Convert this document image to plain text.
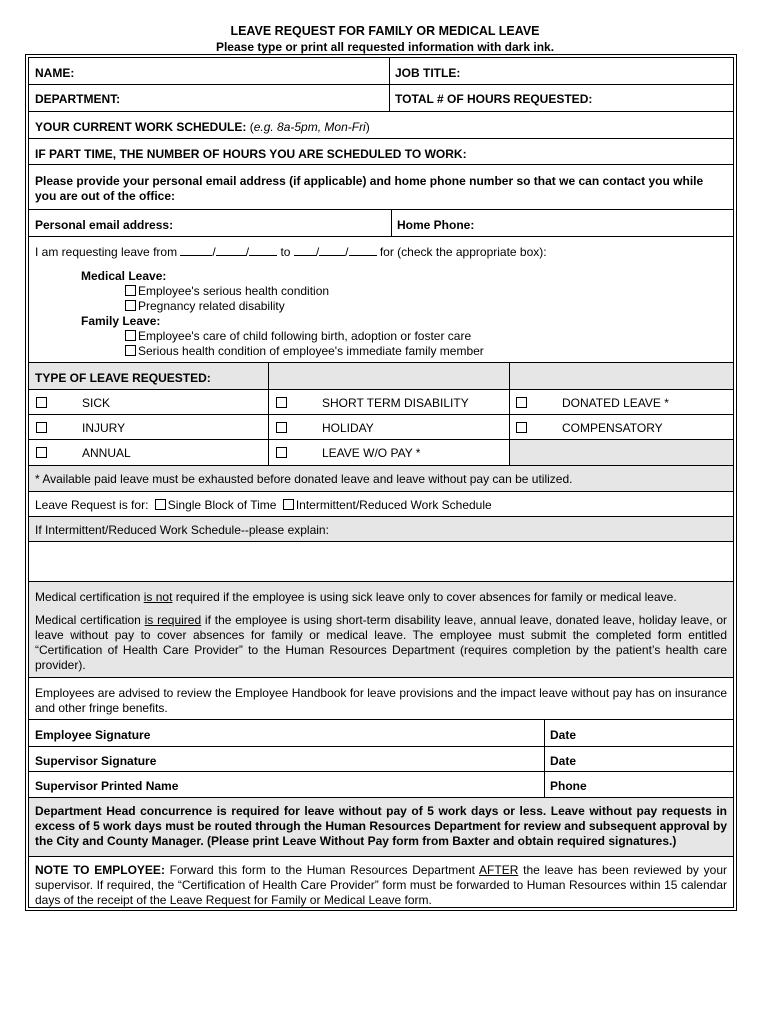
LEAVE REQUEST FOR FAMILY OR MEDICAL LEAVE
Please type or print all requested information with dark ink.
NAME:	JOB TITLE:
DEPARTMENT:	TOTAL # OF HOURS REQUESTED:
YOUR CURRENT WORK SCHEDULE: (e.g. 8a-5pm, Mon-Fri)
IF PART TIME, THE NUMBER OF HOURS YOU ARE SCHEDULED TO WORK:
Please provide your personal email address (if applicable) and home phone number so that we can contact you while you are out of the office:
Personal email address:	Home Phone:
I am requesting leave from	/	/	to / /	for (check the appropriate box):
Medical Leave:
Employee's serious health condition
Pregnancy related disability
Family Leave:
Employee's care of child following birth, adoption or foster care
Serious health condition of employee's immediate family member
TYPE OF LEAVE REQUESTED:
SICK	SHORT TERM DISABILITY	DONATED LEAVE *
INJURY	HOLIDAY	COMPENSATORY
ANNUAL	LEAVE W/O PAY *
* Available paid leave must be exhausted before donated leave and leave without pay can be utilized.
Leave Request is for: Single Block of Time Intermittent/Reduced Work Schedule
If Intermittent/Reduced Work Schedule--please explain:
Medical certification is not required if the employee is using sick leave only to cover absences for family or medical leave.
Medical certification is required if the employee is using short-term disability leave, annual leave, donated leave, holiday leave, or leave without pay to cover absences for family or medical leave. The employee must submit the completed form entitled “Certification of Health Care Provider” to the Human Resources Department (requires completion by the patient’s health care provider).
Employees are advised to review the Employee Handbook for leave provisions and the impact leave without pay has on insurance and other fringe benefits.
Employee Signature	Date
Supervisor Signature	Date
Supervisor Printed Name	Phone
Department Head concurrence is required for leave without pay of 5 work days or less. Leave without pay requests in excess of 5 work days must be routed through the Human Resources Department for review and subsequent approval by the City and County Manager. (Please print Leave Without Pay form from Baxter and obtain required signatures.)
NOTE TO EMPLOYEE: Forward this form to the Human Resources Department AFTER the leave has been reviewed by your supervisor. If required, the “Certification of Health Care Provider” form must be forwarded to Human Resources within 15 calendar days of the receipt of the Leave Request for Family or Medical Leave form.
